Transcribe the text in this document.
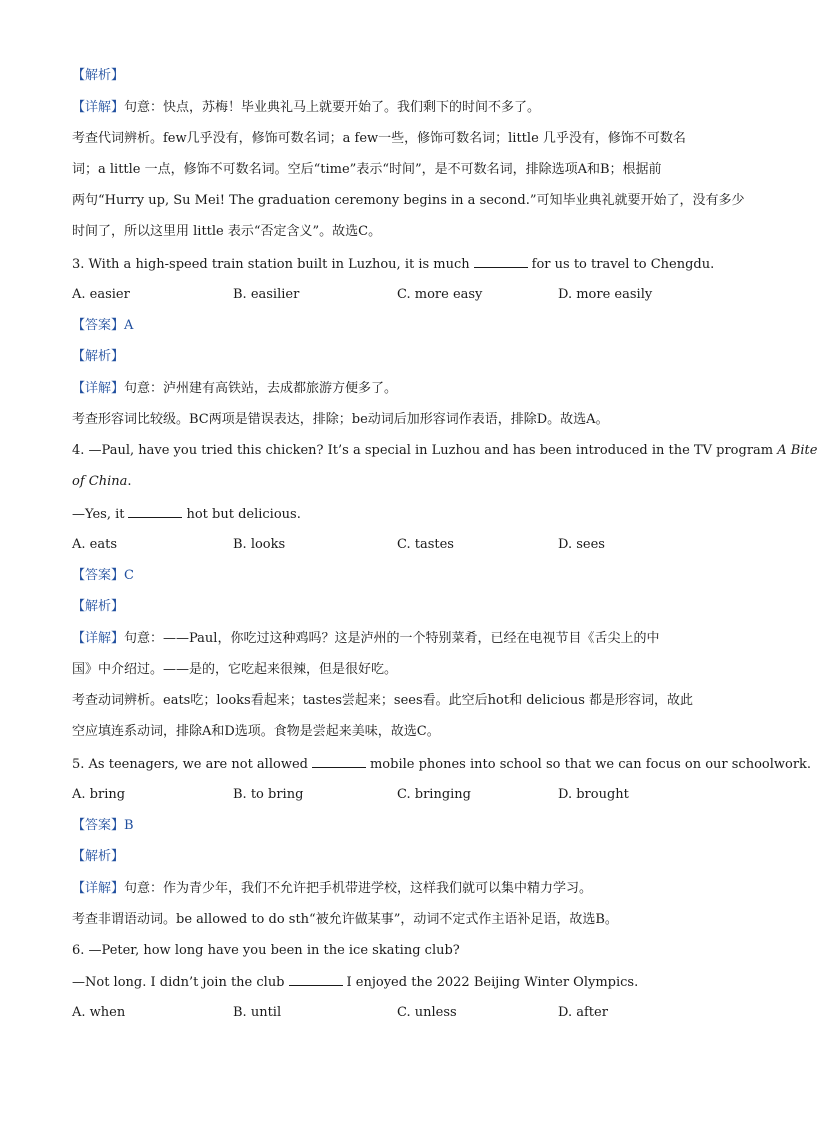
【解析】
【详解】句意：快点，苏梅！毕业典礼马上就要开始了。我们剩下的时间不多了。
考查代词辨析。few几乎没有，修饰可数名词；a few一些，修饰可数名词；little 几乎没有，修饰不可数名
词；a little 一点，修饰不可数名词。空后“time”表示“时间”，是不可数名词，排除选项A和B；根据前
两句“Hurry up, Su Mei! The graduation ceremony begins in a second.”可知毕业典礼就要开始了，没有多少
时间了，所以这里用 little 表示“否定含义”。故选C。
3. With a high-speed train station built in Luzhou, it is much	for us to travel to Chengdu.
A. easier	B. easilier	C. more easy	D. more easily
【答案】A
【解析】
【详解】句意：泸州建有高铁站，去成都旅游方便多了。
考查形容词比较级。BC两项是错误表达，排除；be动词后加形容词作表语，排除D。故选A。
4. —Paul, have you tried this chicken? It’s a special in Luzhou and has been introduced in the TV program A Bite
of China.
—Yes, it	hot but delicious.
A. eats	B. looks	C. tastes	D. sees
【答案】C
【解析】
【详解】句意：——Paul，你吃过这种鸡吗？这是泸州的一个特别菜肴，已经在电视节目《舌尖上的中
国》中介绍过。——是的，它吃起来很辣，但是很好吃。
考查动词辨析。eats吃；looks看起来；tastes尝起来；sees看。此空后hot和 delicious 都是形容词，故此
空应填连系动词，排除A和D选项。食物是尝起来美味，故选C。
5. As teenagers, we are not allowed	mobile phones into school so that we can focus on our schoolwork.
A. bring	B. to bring	C. bringing	D. brought
【答案】B
【解析】
【详解】句意：作为青少年，我们不允许把手机带进学校，这样我们就可以集中精力学习。
考查非谓语动词。be allowed to do sth“被允许做某事”，动词不定式作主语补足语，故选B。
6. —Peter, how long have you been in the ice skating club?
—Not long. I didn’t join the club	I enjoyed the 2022 Beijing Winter Olympics.
A. when	B. until	C. unless	D. after
